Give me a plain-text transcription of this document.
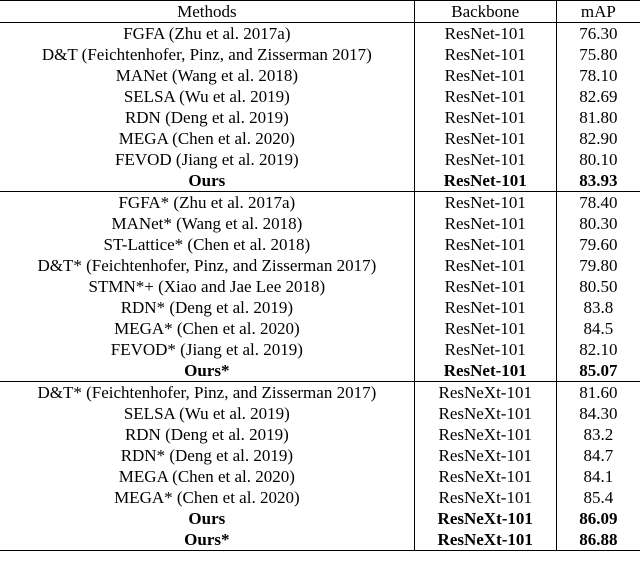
Methods	Backbone	mAP
FGFA (Zhu et al. 2017a)	ResNet-101	76.30
D&T (Feichtenhofer, Pinz, and Zisserman 2017)	ResNet-101	75.80
MANet (Wang et al. 2018)	ResNet-101	78.10
SELSA (Wu et al. 2019)	ResNet-101	82.69
RDN (Deng et al. 2019)	ResNet-101	81.80
MEGA (Chen et al. 2020)	ResNet-101	82.90
FEVOD (Jiang et al. 2019)	ResNet-101	80.10
Ours	ResNet-101	83.93
FGFA* (Zhu et al. 2017a)	ResNet-101	78.40
MANet* (Wang et al. 2018)	ResNet-101	80.30
ST-Lattice* (Chen et al. 2018)	ResNet-101	79.60
D&T* (Feichtenhofer, Pinz, and Zisserman 2017)	ResNet-101	79.80
STMN*+ (Xiao and Jae Lee 2018)	ResNet-101	80.50
RDN* (Deng et al. 2019)	ResNet-101	83.8
MEGA* (Chen et al. 2020)	ResNet-101	84.5
FEVOD* (Jiang et al. 2019)	ResNet-101	82.10
Ours*	ResNet-101	85.07
D&T* (Feichtenhofer, Pinz, and Zisserman 2017)	ResNeXt-101	81.60
SELSA (Wu et al. 2019)	ResNeXt-101	84.30
RDN (Deng et al. 2019)	ResNeXt-101	83.2
RDN* (Deng et al. 2019)	ResNeXt-101	84.7
MEGA (Chen et al. 2020)	ResNeXt-101	84.1
MEGA* (Chen et al. 2020)	ResNeXt-101	85.4
Ours	ResNeXt-101	86.09
Ours*	ResNeXt-101	86.88
